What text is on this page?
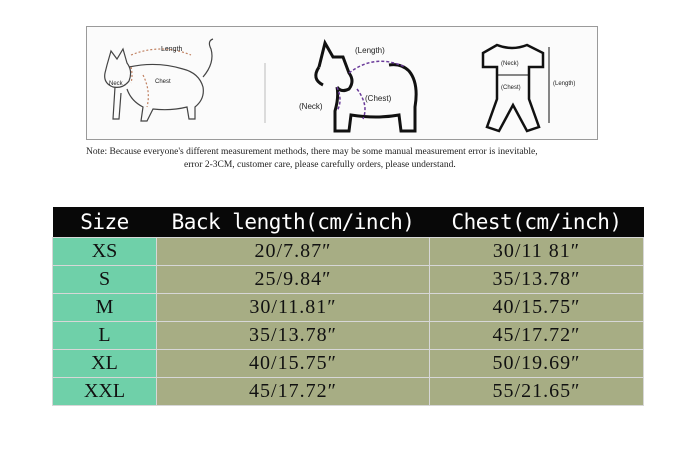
Length
Neck	Chest
(Length)
(Neck)
(Chest)
(Neck)
(Chest)
(Length)
Note: Because everyone's different measurement methods, there may be some manual measurement error is inevitable,
error 2-3CM, customer care, please carefully orders, please understand.
Size	Back length(cm/inch)	Chest(cm/inch)
XS	20/7.87″	30/11 81″
S	25/9.84″	35/13.78″
M	30/11.81″	40/15.75″
L	35/13.78″	45/17.72″
XL	40/15.75″	50/19.69″
XXL	45/17.72″	55/21.65″
